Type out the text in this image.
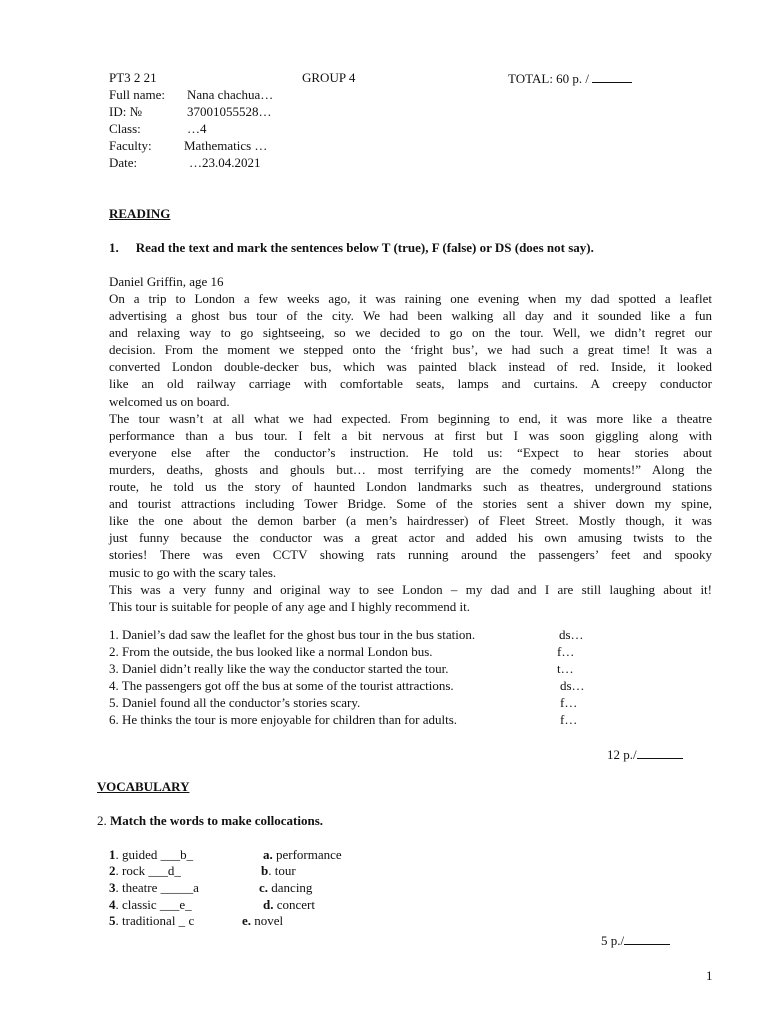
PT3 2 21	GROUP 4	TOTAL: 60 p. /
Full name: Nana chachua…
ID: №	37001055528…
Class:	…4
Faculty: Mathematics …
Date:	…23.04.2021
READING
1. Read the text and mark the sentences below T (true), F (false) or DS (does not say).
Daniel Griffin, age 16

On a trip to London a few weeks ago, it was raining one evening when my dad spotted a leaflet

advertising a ghost bus tour of the city. We had been walking all day and it sounded like a fun

and relaxing way to go sightseeing, so we decided to go on the tour. Well, we didn’t regret our

decision. From the moment we stepped onto the ‘fright bus’, we had such a great time! It was a

converted London double-decker bus, which was painted black instead of red. Inside, it looked

like an old railway carriage with comfortable seats, lamps and curtains. A creepy conductor

welcomed us on board.

The tour wasn’t at all what we had expected. From beginning to end, it was more like a theatre

performance than a bus tour. I felt a bit nervous at first but I was soon giggling along with

everyone else after the conductor’s instruction. He told us: “Expect to hear stories about

murders, deaths, ghosts and ghouls but… most terrifying are the comedy moments!” Along the

route, he told us the story of haunted London landmarks such as theatres, underground stations

and tourist attractions including Tower Bridge. Some of the stories sent a shiver down my spine,

like the one about the demon barber (a men’s hairdresser) of Fleet Street. Mostly though, it was

just funny because the conductor was a great actor and added his own amusing twists to the

stories! There was even CCTV showing rats running around the passengers’ feet and spooky

music to go with the scary tales.

This was a very funny and original way to see London – my dad and I are still laughing about it!

This tour is suitable for people of any age and I highly recommend it.

1. Daniel’s dad saw the leaflet for the ghost bus tour in the bus station.	ds…
2. From the outside, the bus looked like a normal London bus.	f…
3. Daniel didn’t really like the way the conductor started the tour.	t…
4. The passengers got off the bus at some of the tourist attractions.	ds…
5. Daniel found all the conductor’s stories scary.	f…
6. He thinks the tour is more enjoyable for children than for adults.	f…
12 p./
VOCABULARY
2. Match the words to make collocations.
1. guided ___b_	a. performance
2. rock ___d_	b. tour
3. theatre _____a	c. dancing
4. classic ___e_	d. concert
5. traditional _ c	e. novel
5 p./
1
